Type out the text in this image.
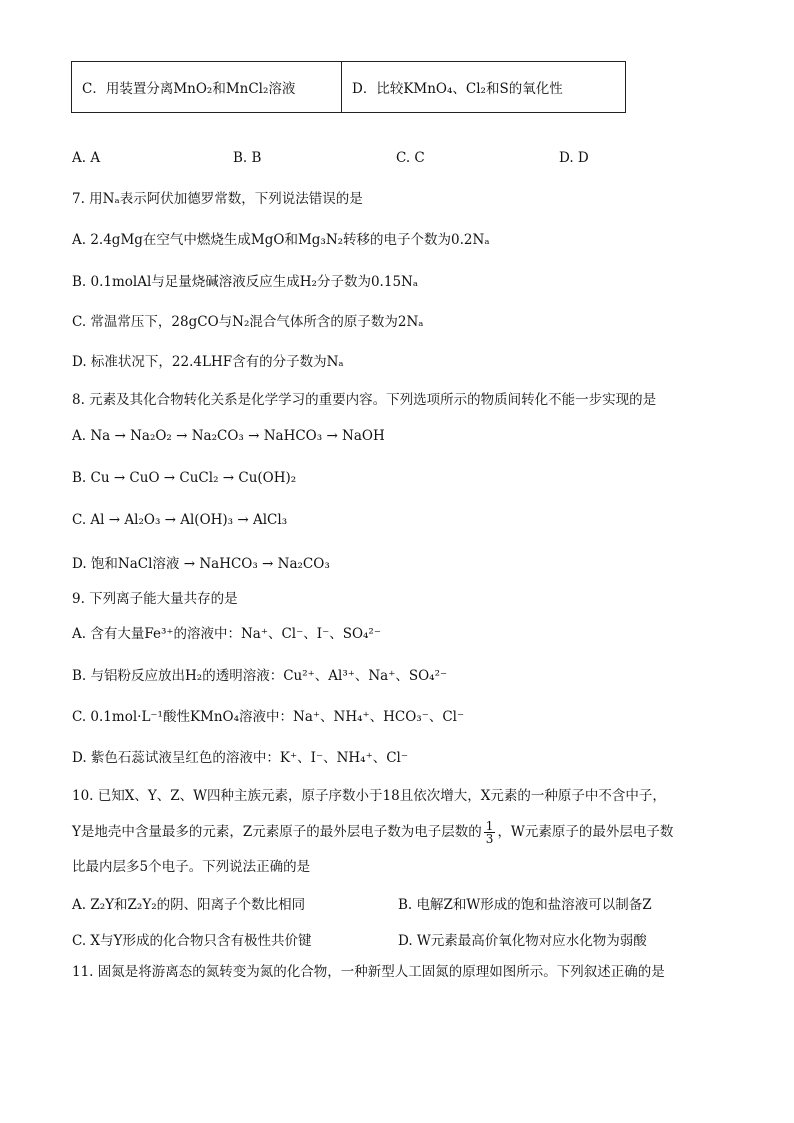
C．用装置分离MnO₂和MnCl₂溶液	D．比较KMnO₄、Cl₂和S的氧化性
A. A	B. B	C. C	D. D
7. 用Nₐ表示阿伏加德罗常数，下列说法错误的是
A. 2.4gMg在空气中燃烧生成MgO和Mg₃N₂转移的电子个数为0.2Nₐ
B. 0.1molAl与足量烧碱溶液反应生成H₂分子数为0.15Nₐ
C. 常温常压下，28gCO与N₂混合气体所含的原子数为2Nₐ
D. 标准状况下，22.4LHF含有的分子数为Nₐ
8. 元素及其化合物转化关系是化学学习的重要内容。下列选项所示的物质间转化不能一步实现的是
A. Na → Na₂O₂ → Na₂CO₃ → NaHCO₃ → NaOH
B. Cu → CuO → CuCl₂ → Cu(OH)₂
C. Al → Al₂O₃ → Al(OH)₃ → AlCl₃
D. 饱和NaCl溶液 → NaHCO₃ → Na₂CO₃
9. 下列离子能大量共存的是
A. 含有大量Fe³⁺的溶液中：Na⁺、Cl⁻、I⁻、SO₄²⁻
B. 与铝粉反应放出H₂的透明溶液：Cu²⁺、Al³⁺、Na⁺、SO₄²⁻
C. 0.1mol·L⁻¹酸性KMnO₄溶液中：Na⁺、NH₄⁺、HCO₃⁻、Cl⁻
D. 紫色石蕊试液呈红色的溶液中：K⁺、I⁻、NH₄⁺、Cl⁻
10. 已知X、Y、Z、W四种主族元素，原子序数小于18且依次增大，X元素的一种原子中不含中子，
Y是地壳中含量最多的元素，Z元素原子的最外层电子数为电子层数的 $\frac{1}{3}$ ，W元素原子的最外层电子数
比最内层多5个电子。下列说法正确的是
A. Z₂Y和Z₂Y₂的阴、阳离子个数比相同	B. 电解Z和W形成的饱和盐溶液可以制备Z
C. X与Y形成的化合物只含有极性共价键	D. W元素最高价氧化物对应水化物为弱酸
11. 固氮是将游离态的氮转变为氮的化合物，一种新型人工固氮的原理如图所示。下列叙述正确的是
